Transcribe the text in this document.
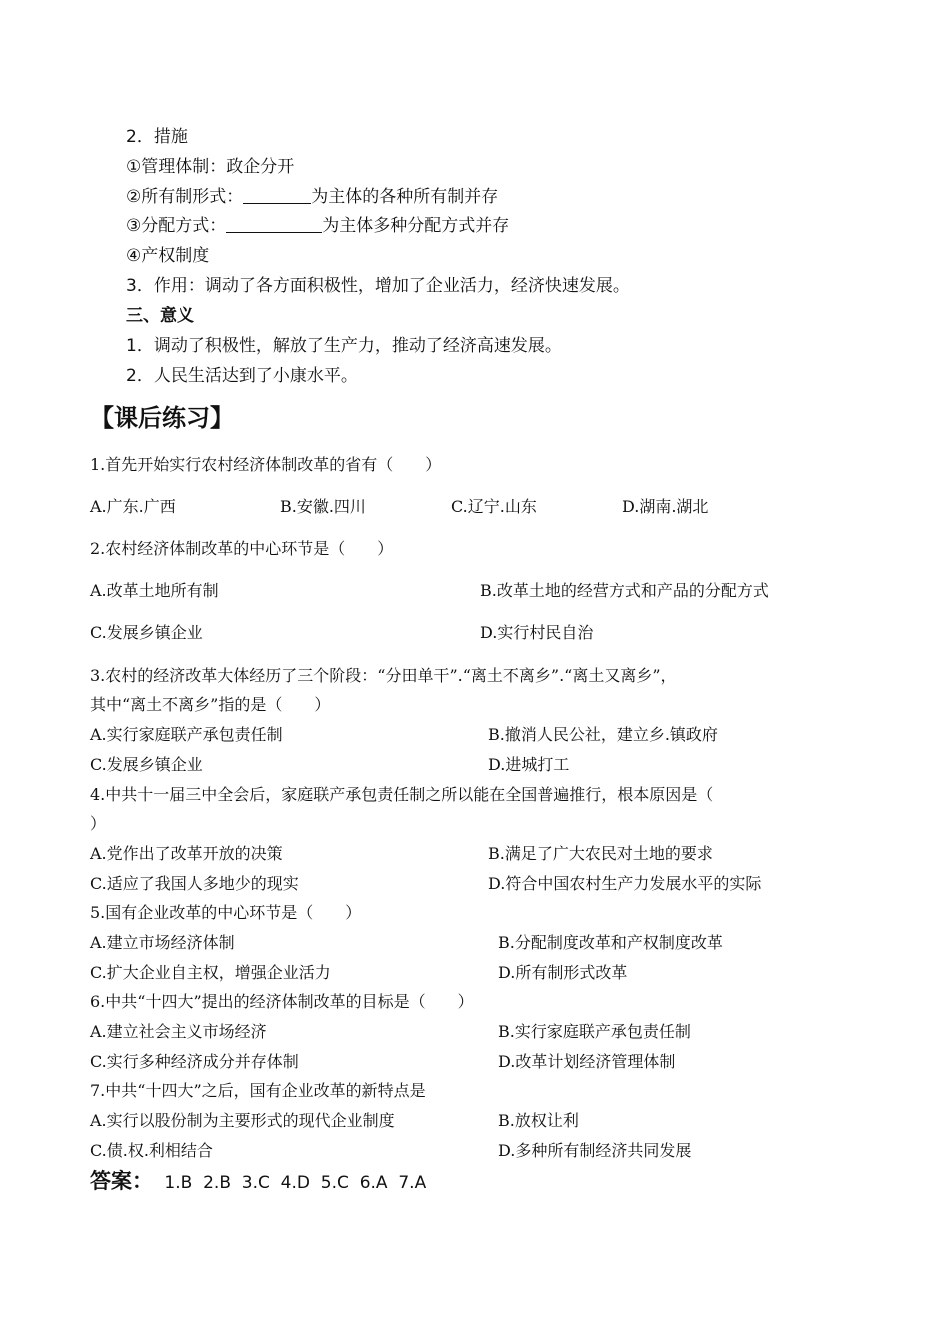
2．措施
①管理体制：政企分开
②所有制形式：	为主体的各种所有制并存
③分配方式：	为主体多种分配方式并存
④产权制度
3．作用：调动了各方面积极性，增加了企业活力，经济快速发展。
三、意义
1．调动了积极性，解放了生产力，推动了经济高速发展。
2．人民生活达到了小康水平。
【课后练习】
1.首先开始实行农村经济体制改革的省有（　　）
A.广东.广西	B.安徽.四川	C.辽宁.山东	D.湖南.湖北
2.农村经济体制改革的中心环节是（　　）
A.改革土地所有制	B.改革土地的经营方式和产品的分配方式
C.发展乡镇企业	D.实行村民自治
3.农村的经济改革大体经历了三个阶段：“分田单干”.“离土不离乡”.“离土又离乡”，
其中“离土不离乡”指的是（　　）
A.实行家庭联产承包责任制	B.撤消人民公社，建立乡.镇政府
C.发展乡镇企业	D.进城打工
4.中共十一届三中全会后，家庭联产承包责任制之所以能在全国普遍推行，根本原因是（
）
A.党作出了改革开放的决策	B.满足了广大农民对土地的要求
C.适应了我国人多地少的现实	D.符合中国农村生产力发展水平的实际
5.国有企业改革的中心环节是（　　）
A.建立市场经济体制	B.分配制度改革和产权制度改革
C.扩大企业自主权，增强企业活力	D.所有制形式改革
6.中共“十四大”提出的经济体制改革的目标是（　　）
A.建立社会主义市场经济	B.实行家庭联产承包责任制
C.实行多种经济成分并存体制	D.改革计划经济管理体制
7.中共“十四大”之后，国有企业改革的新特点是
A.实行以股份制为主要形式的现代企业制度	B.放权让利
C.债.权.利相结合	D.多种所有制经济共同发展
答案： 1.B  2.B  3.C  4.D  5.C  6.A  7.A
